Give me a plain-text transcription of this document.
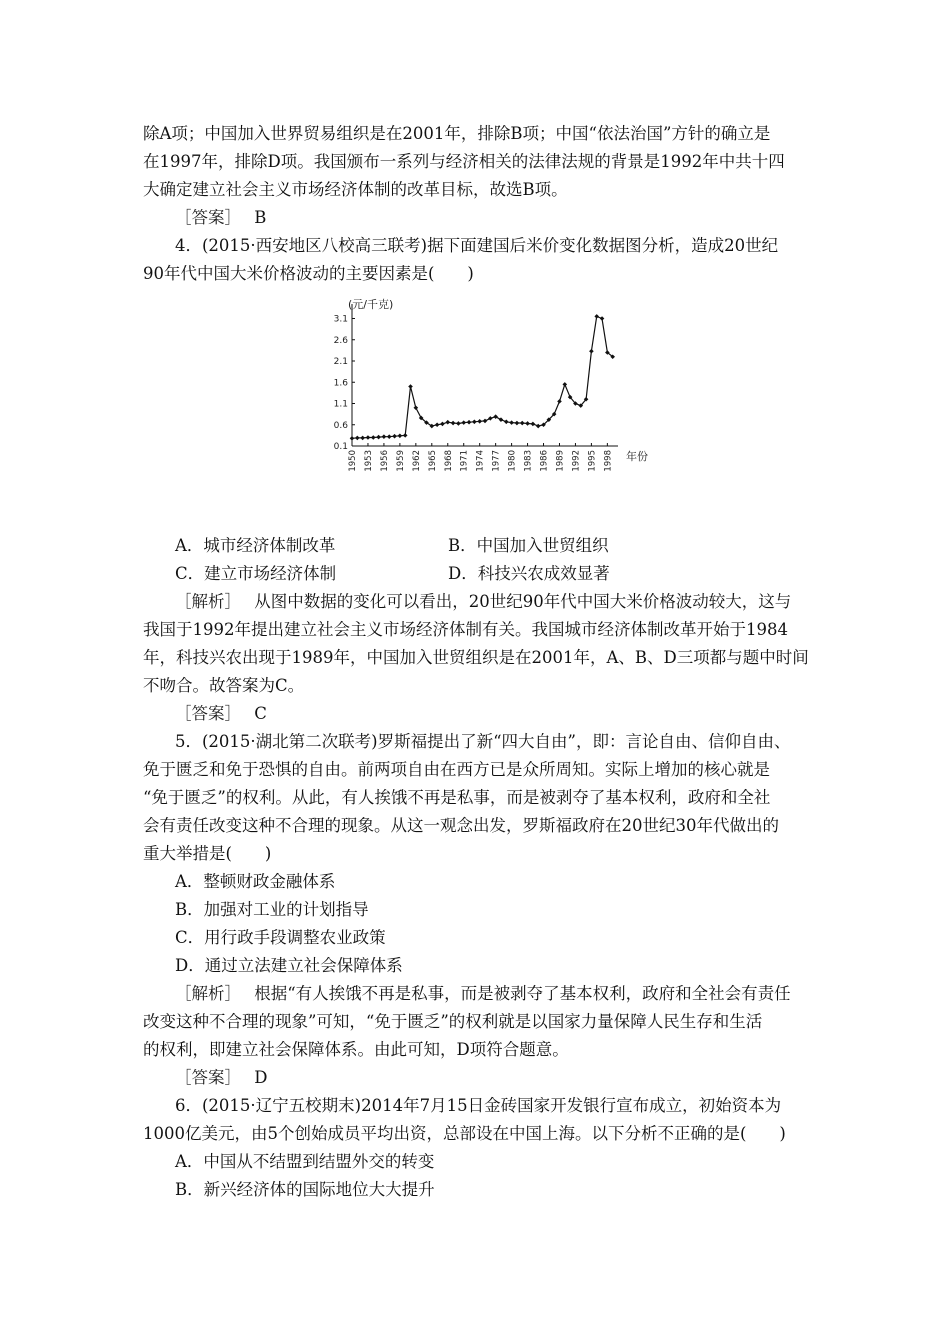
除A项；中国加入世界贸易组织是在2001年，排除B项；中国“依法治国”方针的确立是
在1997年，排除D项。我国颁布一系列与经济相关的法律法规的背景是1992年中共十四
大确定建立社会主义市场经济体制的改革目标，故选B项。
［答案］ B
4．(2015·西安地区八校高三联考)据下面建国后米价变化数据图分析，造成20世纪
90年代中国大米价格波动的主要因素是(　　)
0.1
0.6
1.1
1.6
2.1
2.6
3.1
1950 1953 1956 1959 1962 1965 1968 1971 1974 1977 1980 1983 1986 1989 1992 1995 1998
(元/千克)
年份
A．城市经济体制改革	B．中国加入世贸组织
C．建立市场经济体制	D．科技兴农成效显著
［解析］ 从图中数据的变化可以看出，20世纪90年代中国大米价格波动较大，这与
我国于1992年提出建立社会主义市场经济体制有关。我国城市经济体制改革开始于1984
年，科技兴农出现于1989年，中国加入世贸组织是在2001年，A、B、D三项都与题中时间
不吻合。故答案为C。
［答案］ C
5．(2015·湖北第二次联考)罗斯福提出了新“四大自由”，即：言论自由、信仰自由、
免于匮乏和免于恐惧的自由。前两项自由在西方已是众所周知。实际上增加的核心就是
“免于匮乏”的权利。从此，有人挨饿不再是私事，而是被剥夺了基本权利，政府和全社
会有责任改变这种不合理的现象。从这一观念出发，罗斯福政府在20世纪30年代做出的
重大举措是(　　)
A．整顿财政金融体系
B．加强对工业的计划指导
C．用行政手段调整农业政策
D．通过立法建立社会保障体系
［解析］ 根据“有人挨饿不再是私事，而是被剥夺了基本权利，政府和全社会有责任
改变这种不合理的现象”可知，“免于匮乏”的权利就是以国家力量保障人民生存和生活
的权利，即建立社会保障体系。由此可知，D项符合题意。
［答案］ D
6．(2015·辽宁五校期末)2014年7月15日金砖国家开发银行宣布成立，初始资本为
1000亿美元，由5个创始成员平均出资，总部设在中国上海。以下分析不正确的是(　　)
A．中国从不结盟到结盟外交的转变
B．新兴经济体的国际地位大大提升
